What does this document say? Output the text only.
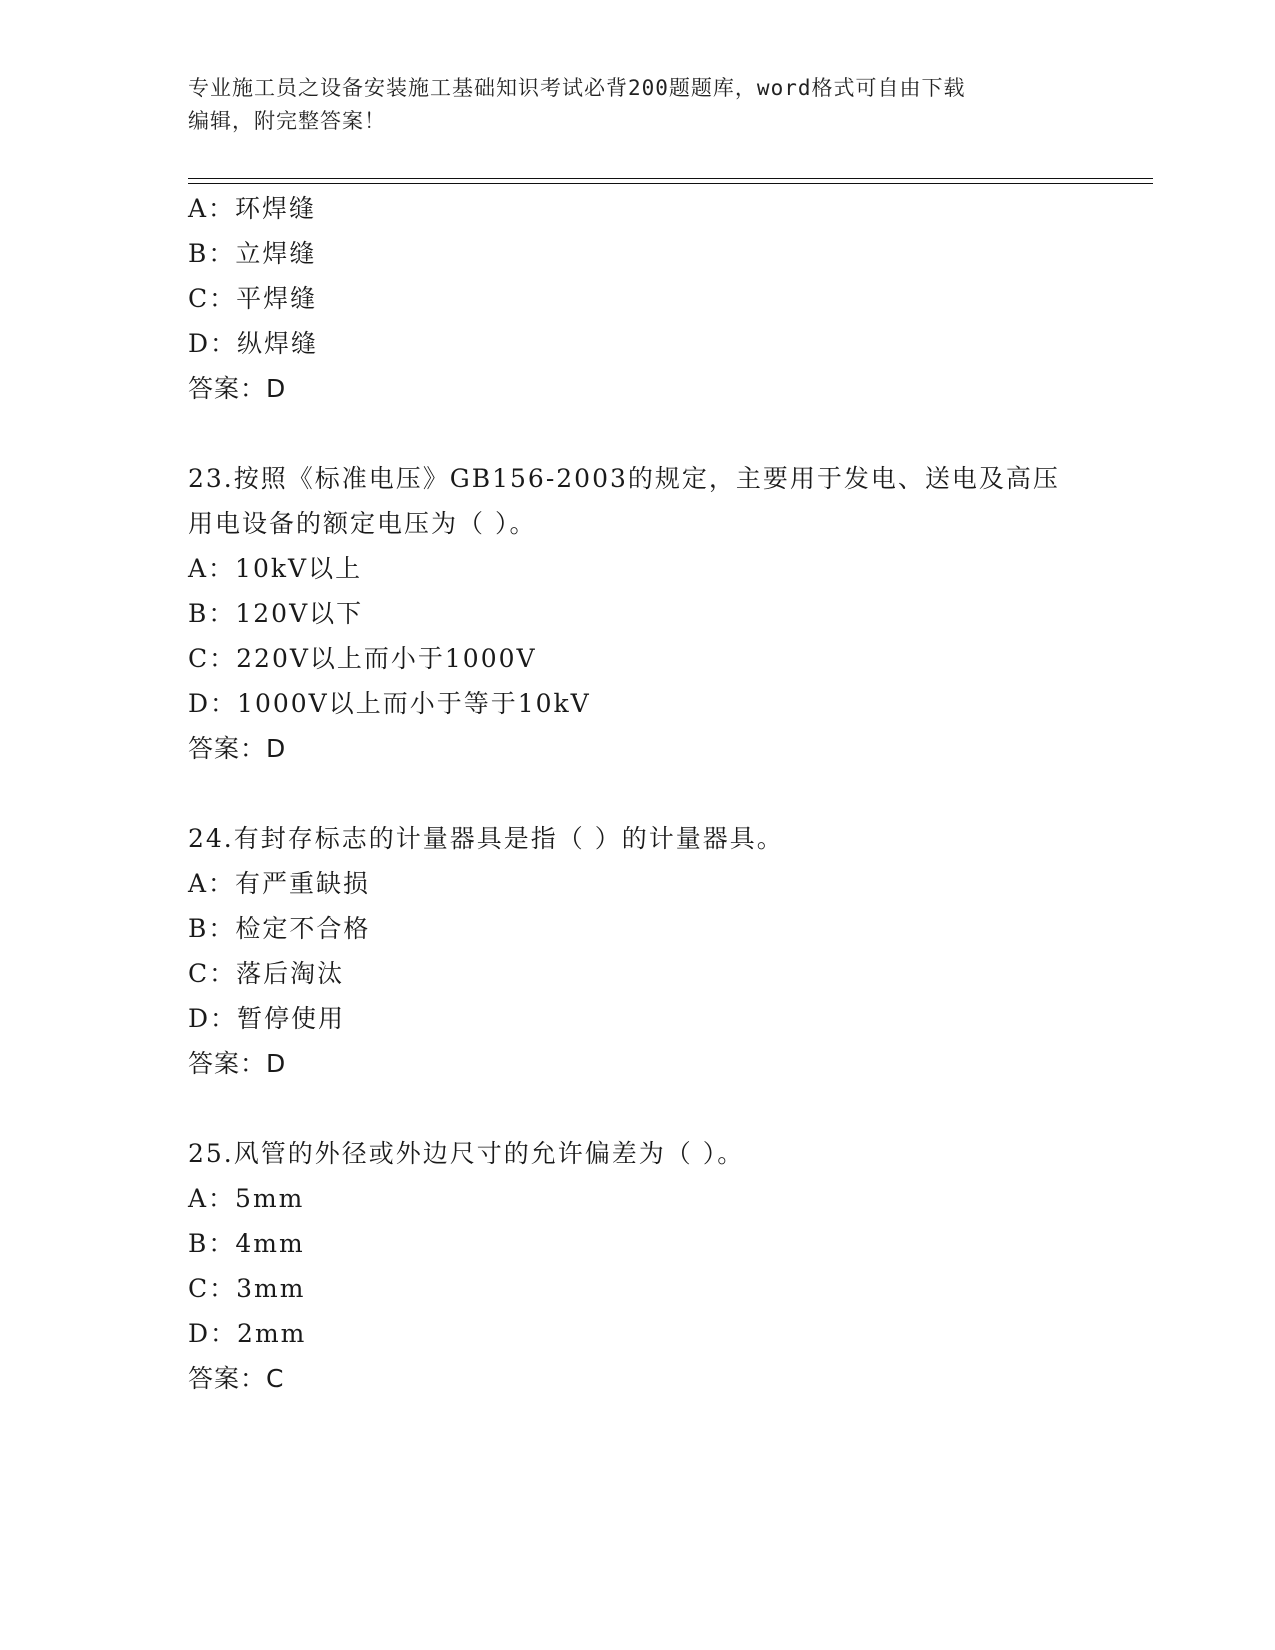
专业施工员之设备安装施工基础知识考试必背200题题库，word格式可自由下载
编辑，附完整答案！
A：环焊缝
B：立焊缝
C：平焊缝
D：纵焊缝
答案：D
23.按照《标准电压》GB156-2003的规定，主要用于发电、送电及高压
用电设备的额定电压为（ ）。
A：10kV以上
B：120V以下
C：220V以上而小于1000V
D：1000V以上而小于等于10kV
答案：D
24.有封存标志的计量器具是指（ ）的计量器具。
A：有严重缺损
B：检定不合格
C：落后淘汰
D：暂停使用
答案：D
25.风管的外径或外边尺寸的允许偏差为（ ）。
A：5mm
B：4mm
C：3mm
D：2mm
答案：C
